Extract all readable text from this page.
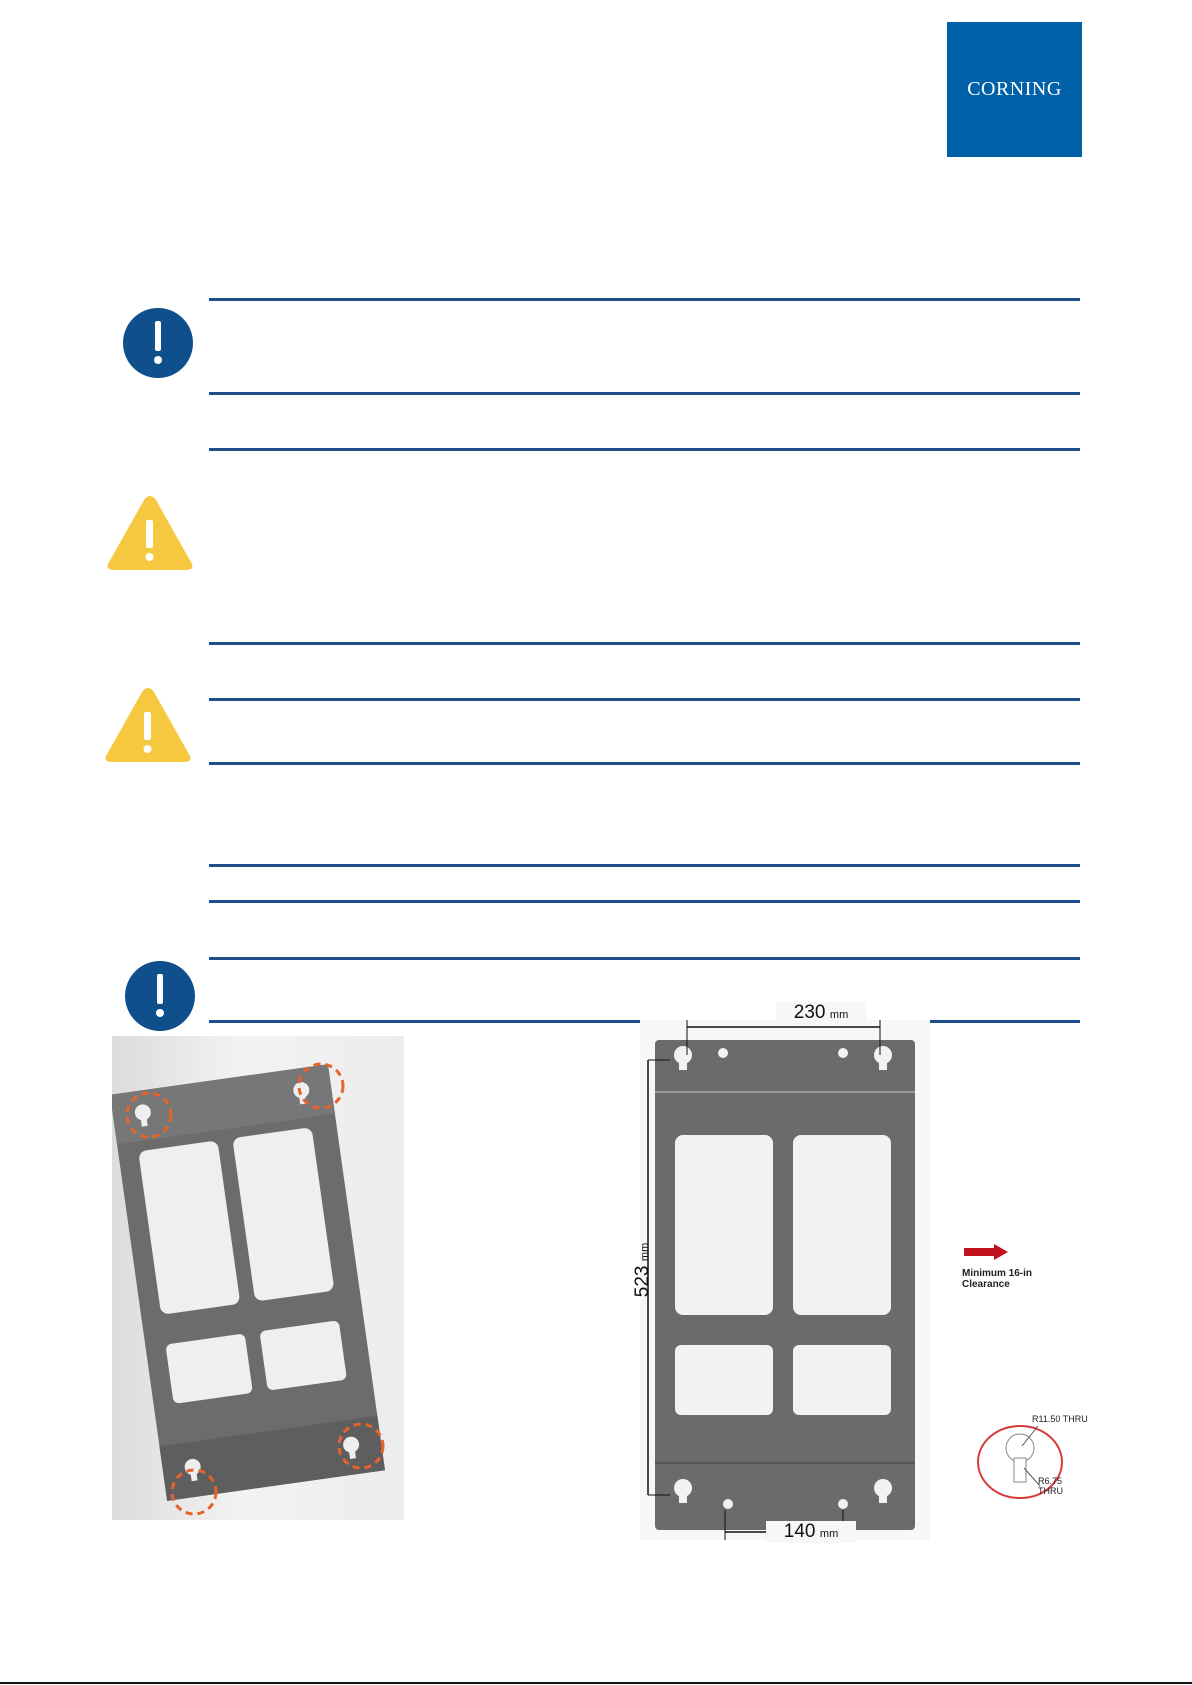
CORNING
230 mm
523 mm
140 mm
Minimum 16-in
Clearance
R11.50 THRU
R6.75
THRU
